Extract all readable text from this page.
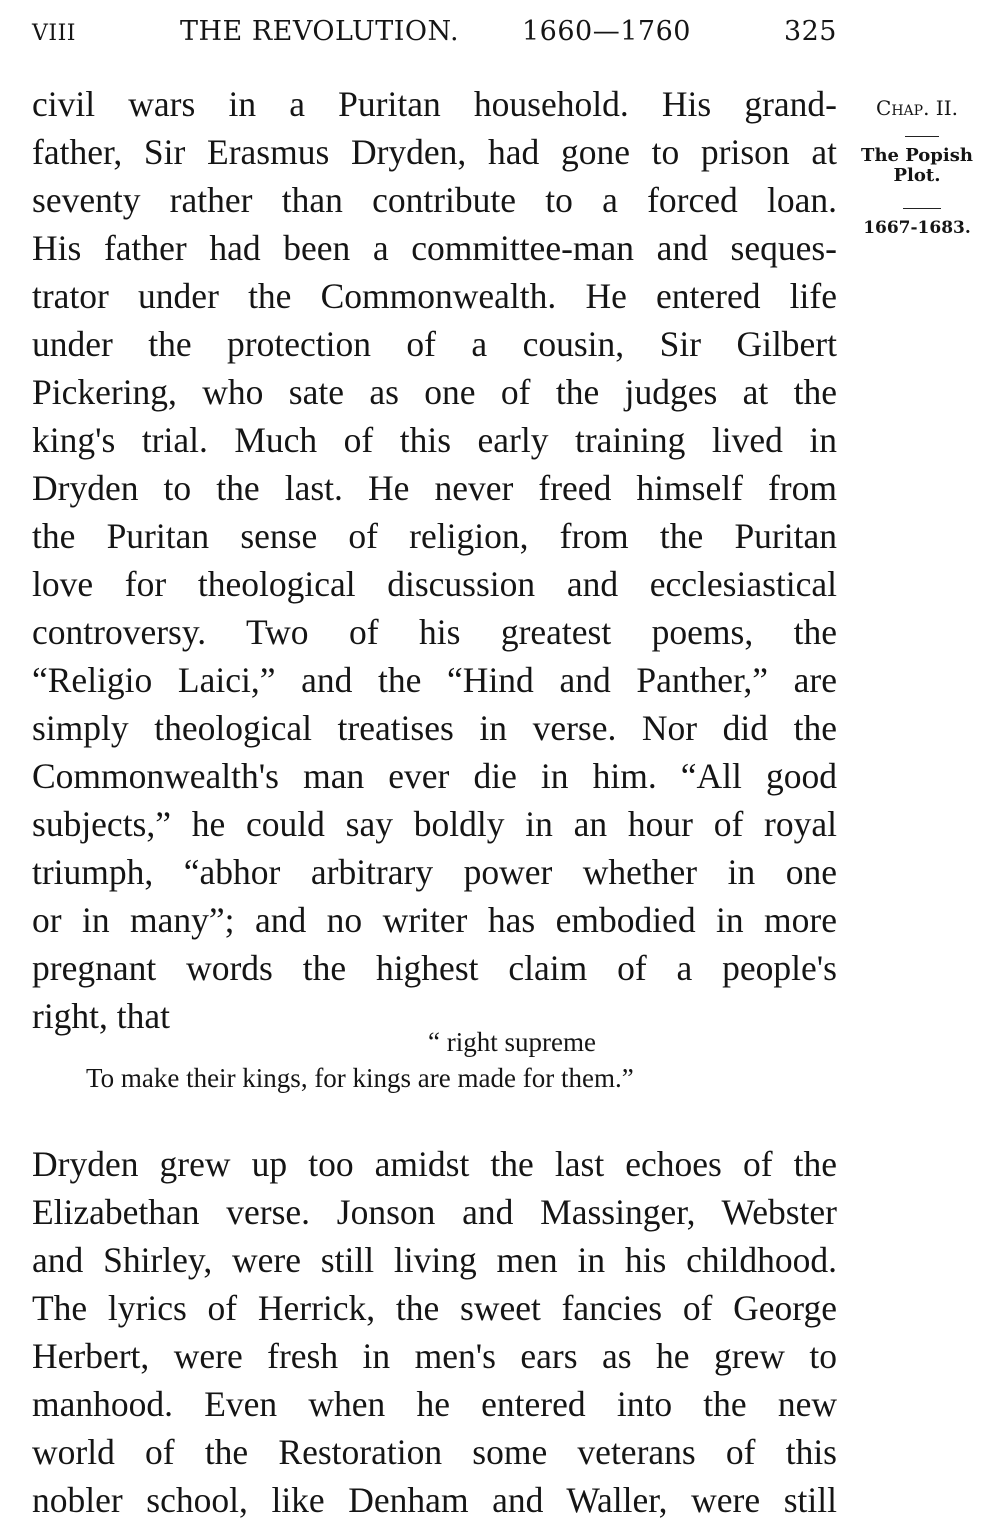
VIII	THE REVOLUTION. 1660—1760	325
Chap. II.
The Popish
Plot.
1667-1683.
civil wars in a Puritan household. His grand-
father, Sir Erasmus Dryden, had gone to prison at
seventy rather than contribute to a forced loan.
His father had been a committee-man and seques-
trator under the Commonwealth. He entered life
under the protection of a cousin, Sir Gilbert
Pickering, who sate as one of the judges at the
king's trial. Much of this early training lived in
Dryden to the last. He never freed himself from
the Puritan sense of religion, from the Puritan
love for theological discussion and ecclesiastical
controversy. Two of his greatest poems, the
“Religio Laici,” and the “Hind and Panther,” are
simply theological treatises in verse. Nor did the
Commonwealth's man ever die in him. “All good
subjects,” he could say boldly in an hour of royal
triumph, “abhor arbitrary power whether in one
or in many”; and no writer has embodied in more
pregnant words the highest claim of a people's
right, that
“ right supreme
To make their kings, for kings are made for them.”
Dryden grew up too amidst the last echoes of the
Elizabethan verse. Jonson and Massinger, Webster
and Shirley, were still living men in his childhood.
The lyrics of Herrick, the sweet fancies of George
Herbert, were fresh in men's ears as he grew to
manhood. Even when he entered into the new
world of the Restoration some veterans of this
nobler school, like Denham and Waller, were still
